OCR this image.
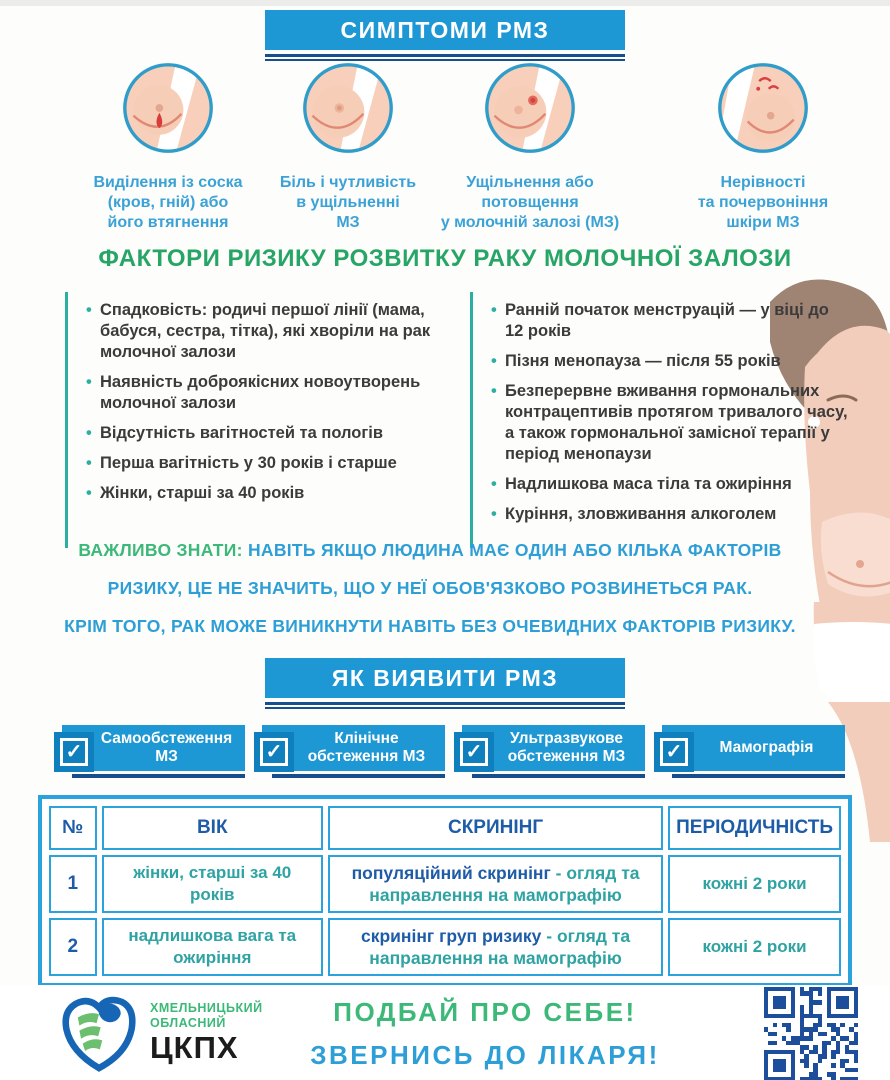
СИМПТОМИ РМЗ
Виділення із соска
(кров, гній) або
його втягнення
Біль і чутливість
в ущільненні
МЗ
Ущільнення або
потовщення
у молочній залозі (МЗ)
Нерівності
та почервоніння
шкіри МЗ
ФАКТОРИ РИЗИКУ РОЗВИТКУ РАКУ МОЛОЧНОЇ ЗАЛОЗИ
• Спадковість: родичі першої лінії (мама, бабуся, сестра, тітка), які хворіли на рак молочної залози
• Наявність доброякісних новоутворень молочної залози
• Відсутність вагітностей та пологів
• Перша вагітність у 30 років і старше
• Жінки, старші за 40 років
• Ранній початок менструацій — у віці до 12 років
• Пізня менопауза — після 55 років
• Безперервне вживання гормональних контрацептивів протягом тривалого часу, а також гормональної замісної терапії у період менопаузи
• Надлишкова маса тіла та ожиріння
• Куріння, зловживання алкоголем
ВАЖЛИВО ЗНАТИ: НАВІТЬ ЯКЩО ЛЮДИНА МАЄ ОДИН АБО КІЛЬКА ФАКТОРІВ
РИЗИКУ, ЦЕ НЕ ЗНАЧИТЬ, ЩО У НЕЇ ОБОВ'ЯЗКОВО РОЗВИНЕТЬСЯ РАК.
КРІМ ТОГО, РАК МОЖЕ ВИНИКНУТИ НАВІТЬ БЕЗ ОЧЕВИДНИХ ФАКТОРІВ РИЗИКУ.
ЯК ВИЯВИТИ РМЗ
✓
Самообстеження МЗ	✓
Клінічне обстеження МЗ	✓
Ультразвукове обстеження МЗ	✓	Мамографія
№	ВІК	СКРИНІНГ	ПЕРІОДИЧНІСТЬ
1	жінки, старші за 40 років	популяційний скринінг - огляд та направлення на мамографію	кожні 2 роки
2	надлишкова вага та ожиріння	скринінг груп ризику - огляд та направлення на мамографію	кожні 2 роки
ХМЕЛЬНИЦЬКИЙ
ОБЛАСНИЙ
ЦКПХ
ПОДБАЙ ПРО СЕБЕ!
ЗВЕРНИСЬ ДО ЛІКАРЯ!
